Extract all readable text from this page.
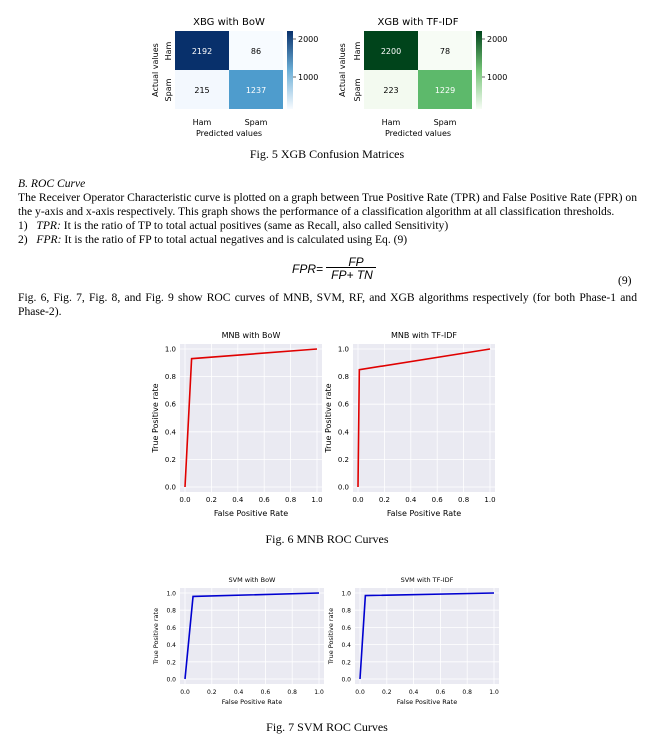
XBG with BoW
2192	86
215	1237
Ham
Spam
Actual values
Ham	Spam
Predicted values
2000
1000
XGB with TF-IDF
2200	78
223	1229
Ham
Spam
Actual values
Ham	Spam
Predicted values
2000
1000
Fig. 5 XGB Confusion Matrices
B. ROC Curve
The Receiver Operator Characteristic curve is plotted on a graph between True Positive Rate (TPR) and False Positive Rate (FPR) on the y-axis and x-axis respectively. This graph shows the performance of a classification algorithm at all classification thresholds.
1) TPR: It is the ratio of TP to total actual positives (same as Recall, also called Sensitivity)
2) FPR: It is the ratio of FP to total actual negatives and is calculated using Eq. (9)
FPR=	FP
FP+ TN	(9)
Fig. 6, Fig. 7, Fig. 8, and Fig. 9 show ROC curves of MNB, SVM, RF, and XGB algorithms respectively (for both Phase-1 and Phase-2).
0.0 0.2 0.4 0.6 0.8 1.0
0.0
0.2
0.4
0.6
0.8
1.0
MNB with BoW
False Positive Rate
True Positive rate
0.0 0.2 0.4 0.6 0.8 1.0
0.0
0.2
0.4
0.6
0.8
1.0
MNB with TF-IDF
False Positive Rate
True Positive rate
0.0	0.2	0.4	0.6	0.8	1.0
0.0
0.2
0.4
0.6
0.8
1.0
SVM with BoW
False Positive Rate
True Positive rate
0.0	0.2	0.4	0.6	0.8	1.0
0.0
0.2
0.4
0.6
0.8
1.0
SVM with TF-IDF
False Positive Rate
True Positive rate
Fig. 6 MNB ROC Curves
Fig. 7 SVM ROC Curves
